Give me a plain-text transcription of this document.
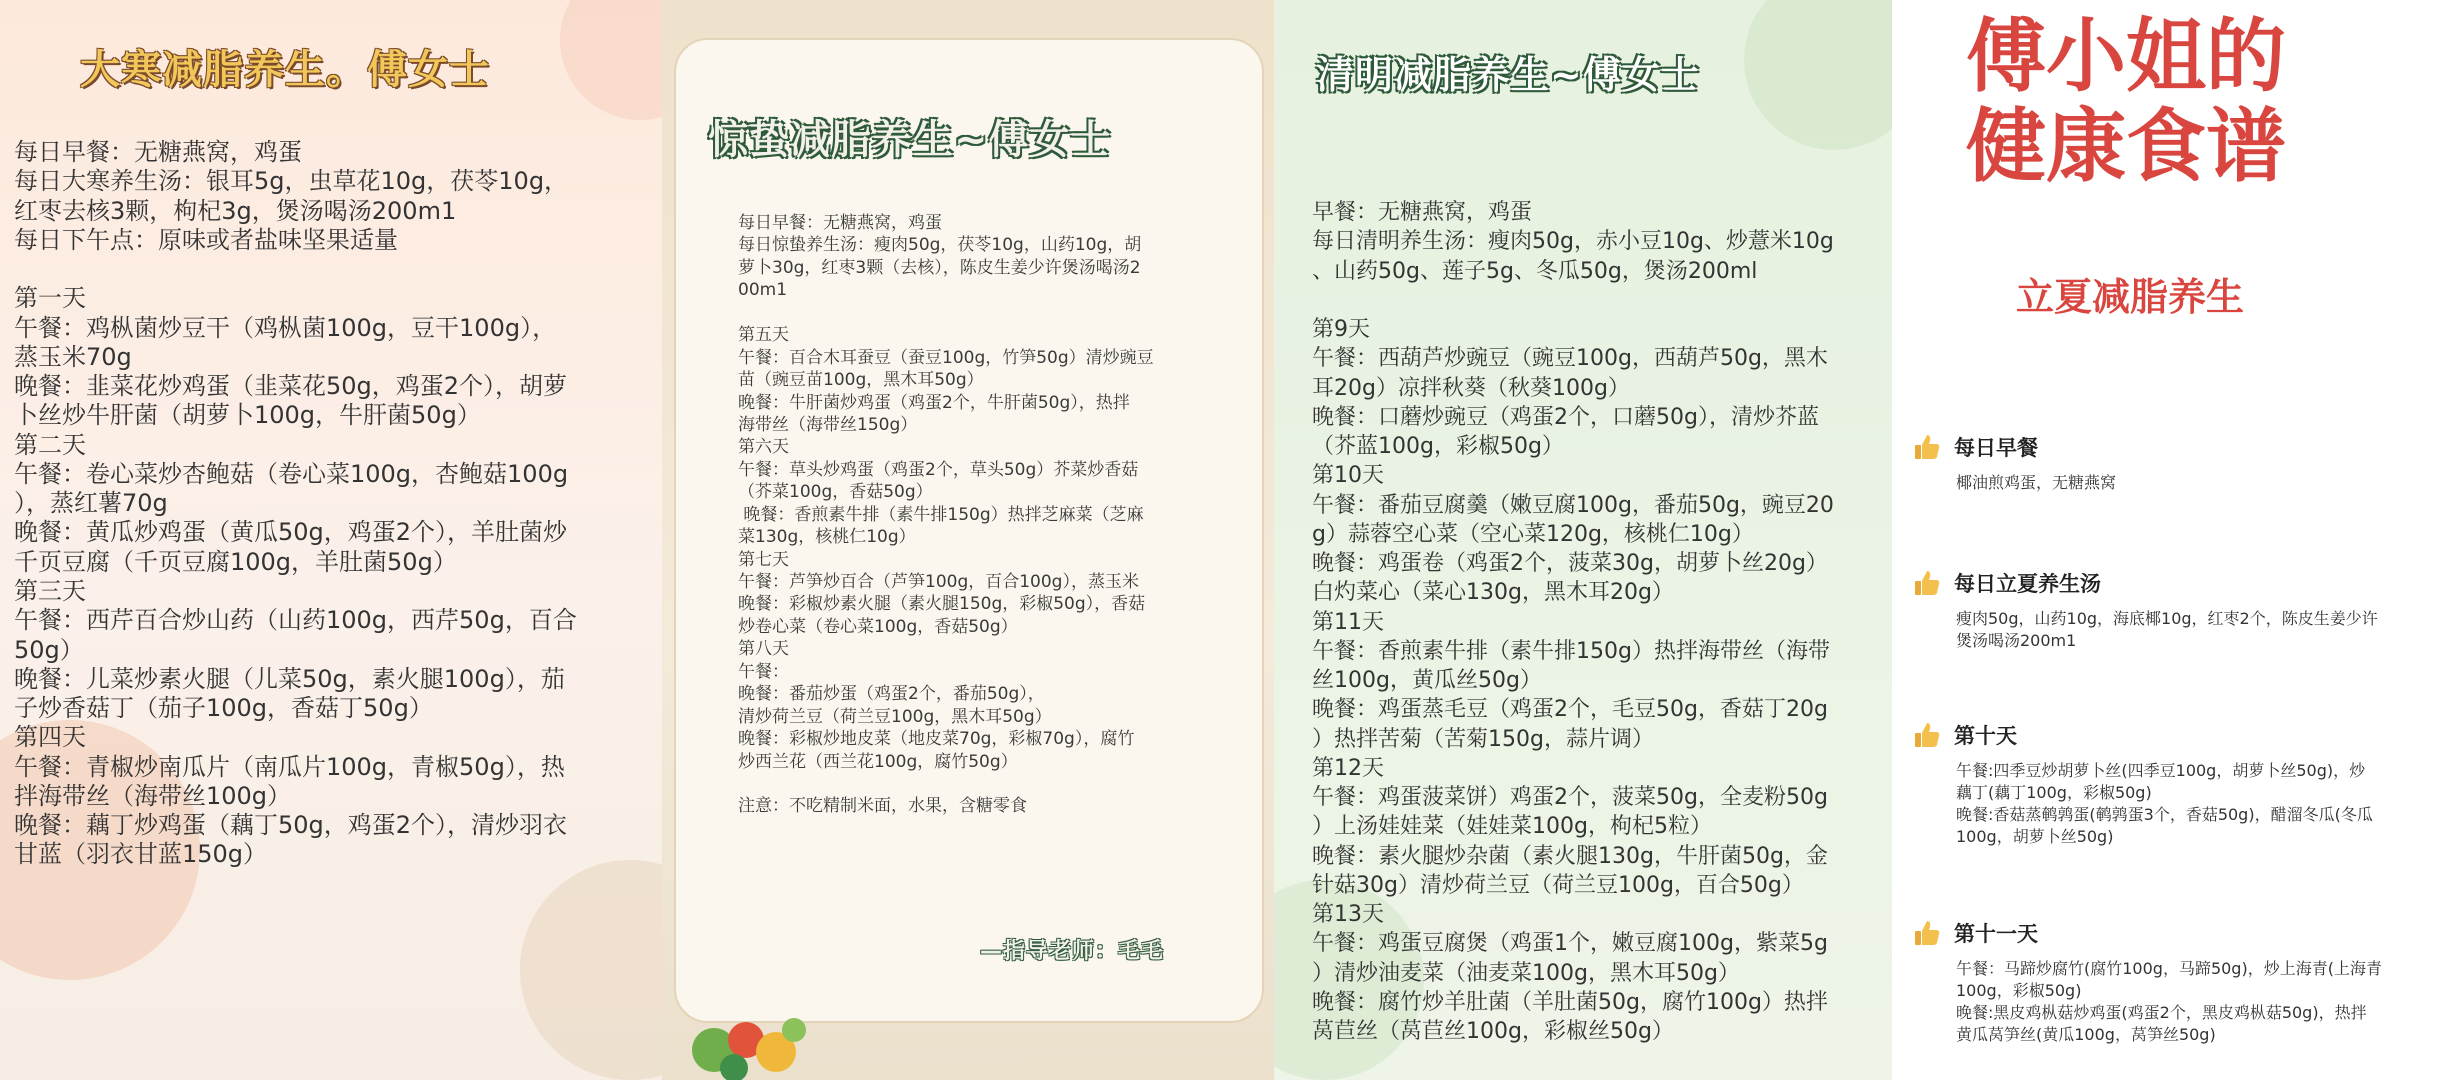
大寒减脂养生。傅女士
每日早餐：无糖燕窝，鸡蛋
每日大寒养生汤：银耳5g，虫草花10g，茯苓10g，
红枣去核3颗，枸杞3g，煲汤喝汤200m1
每日下午点：原味或者盐味坚果适量

第一天
午餐：鸡枞菌炒豆干（鸡枞菌100g，豆干100g），
蒸玉米70g
晚餐：韭菜花炒鸡蛋（韭菜花50g，鸡蛋2个），胡萝
卜丝炒牛肝菌（胡萝卜100g，牛肝菌50g）
第二天
午餐：卷心菜炒杏鲍菇（卷心菜100g，杏鲍菇100g
），蒸红薯70g
晚餐：黄瓜炒鸡蛋（黄瓜50g，鸡蛋2个），羊肚菌炒
千页豆腐（千页豆腐100g，羊肚菌50g）
第三天
午餐：西芹百合炒山药（山药100g，西芹50g，百合
50g）
晚餐：儿菜炒素火腿（儿菜50g，素火腿100g），茄
子炒香菇丁（茄子100g，香菇丁50g）
第四天
午餐：青椒炒南瓜片（南瓜片100g，青椒50g），热
拌海带丝（海带丝100g）
晚餐：藕丁炒鸡蛋（藕丁50g，鸡蛋2个），清炒羽衣
甘蓝（羽衣甘蓝150g）
惊蛰减脂养生~傅女士
每日早餐：无糖燕窝，鸡蛋
每日惊蛰养生汤：瘦肉50g，茯苓10g，山药10g，胡
萝卜30g，红枣3颗（去核），陈皮生姜少许煲汤喝汤2
00m1

第五天
午餐：百合木耳蚕豆（蚕豆100g，竹笋50g）清炒豌豆
苗（豌豆苗100g，黑木耳50g）
晚餐：牛肝菌炒鸡蛋（鸡蛋2个，牛肝菌50g），热拌
海带丝（海带丝150g）
第六天
午餐：草头炒鸡蛋（鸡蛋2个，草头50g）芥菜炒香菇
（芥菜100g，香菇50g）
晚餐：香煎素牛排（素牛排150g）热拌芝麻菜（芝麻
菜130g，核桃仁10g）
第七天
午餐：芦笋炒百合（芦笋100g，百合100g），蒸玉米
晚餐：彩椒炒素火腿（素火腿150g，彩椒50g），香菇
炒卷心菜（卷心菜100g，香菇50g）
第八天
午餐：
晚餐：番茄炒蛋（鸡蛋2个，番茄50g），
清炒荷兰豆（荷兰豆100g，黑木耳50g）
晚餐：彩椒炒地皮菜（地皮菜70g，彩椒70g），腐竹
炒西兰花（西兰花100g，腐竹50g）

注意：不吃精制米面，水果，含糖零食
—指导老师：毛毛
清明减脂养生~傅女士
早餐：无糖燕窝，鸡蛋
每日清明养生汤：瘦肉50g，赤小豆10g、炒薏米10g
、山药50g、莲子5g、冬瓜50g，煲汤200ml

第9天
午餐：西葫芦炒豌豆（豌豆100g，西葫芦50g，黑木
耳20g）凉拌秋葵（秋葵100g）
晚餐：口蘑炒豌豆（鸡蛋2个，口蘑50g），清炒芥蓝
（芥蓝100g，彩椒50g）
第10天
午餐：番茄豆腐羹（嫩豆腐100g，番茄50g，豌豆20
g）蒜蓉空心菜（空心菜120g，核桃仁10g）
晚餐：鸡蛋卷（鸡蛋2个，菠菜30g，胡萝卜丝20g）
白灼菜心（菜心130g，黑木耳20g）
第11天
午餐：香煎素牛排（素牛排150g）热拌海带丝（海带
丝100g，黄瓜丝50g）
晚餐：鸡蛋蒸毛豆（鸡蛋2个，毛豆50g，香菇丁20g
）热拌苦菊（苦菊150g，蒜片调）
第12天
午餐：鸡蛋菠菜饼）鸡蛋2个，菠菜50g，全麦粉50g
）上汤娃娃菜（娃娃菜100g，枸杞5粒）
晚餐：素火腿炒杂菌（素火腿130g，牛肝菌50g，金
针菇30g）清炒荷兰豆（荷兰豆100g，百合50g）
第13天
午餐：鸡蛋豆腐煲（鸡蛋1个，嫩豆腐100g，紫菜5g
）清炒油麦菜（油麦菜100g，黑木耳50g）
晚餐：腐竹炒羊肚菌（羊肚菌50g，腐竹100g）热拌
莴苣丝（莴苣丝100g，彩椒丝50g）
傅小姐的
健康食谱
立夏减脂养生
每日早餐
椰油煎鸡蛋，无糖燕窝
每日立夏养生汤
瘦肉50g，山药10g，海底椰10g，红枣2个，陈皮生姜少许
煲汤喝汤200m1
第十天
午餐:四季豆炒胡萝卜丝(四季豆100g，胡萝卜丝50g)，炒
藕丁(藕丁100g，彩椒50g)
晚餐:香菇蒸鹌鹑蛋(鹌鹑蛋3个，香菇50g)，醋溜冬瓜(冬瓜
100g，胡萝卜丝50g)
第十一天
午餐：马蹄炒腐竹(腐竹100g，马蹄50g)，炒上海青(上海青
100g，彩椒50g)
晚餐:黑皮鸡枞菇炒鸡蛋(鸡蛋2个，黑皮鸡枞菇50g)，热拌
黄瓜莴笋丝(黄瓜100g，莴笋丝50g)
